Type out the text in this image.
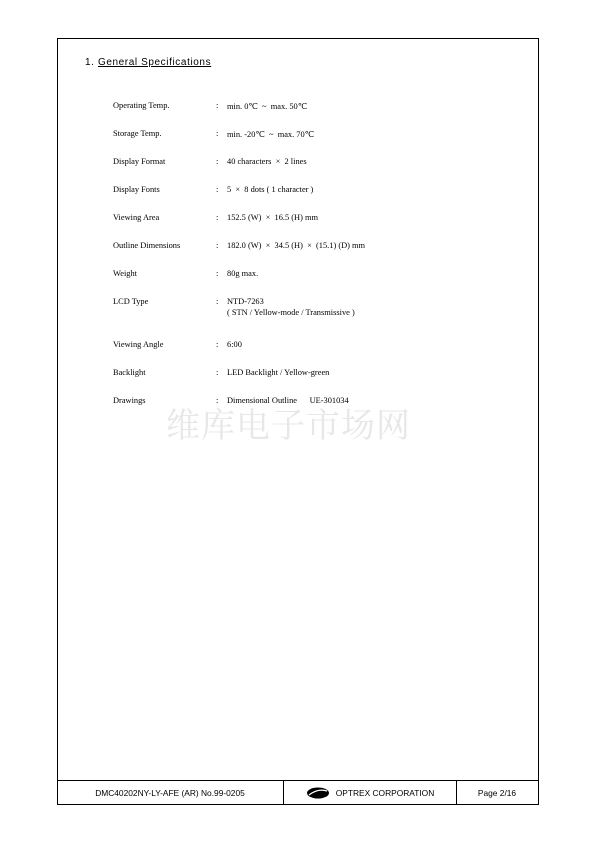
1. General Specifications
Operating Temp.	: min. 0℃  ~  max. 50℃
Storage Temp.	: min. -20℃  ~  max. 70℃
Display Format	: 40 characters  ×  2 lines
Display Fonts	: 5  ×  8 dots ( 1 character )
Viewing Area	: 152.5 (W)  ×  16.5 (H) mm
Outline Dimensions	: 182.0 (W)  ×  34.5 (H)  ×  (15.1) (D) mm
Weight	: 80g max.
LCD Type	: NTD-7263
( STN / Yellow-mode / Transmissive )
Viewing Angle	: 6:00
Backlight	: LED Backlight / Yellow-green
Drawings	: Dimensional Outline      UE-301034
维库电子市场网
DMC40202NY-LY-AFE (AR) No.99-0205	OPTREX CORPORATION	Page 2/16
